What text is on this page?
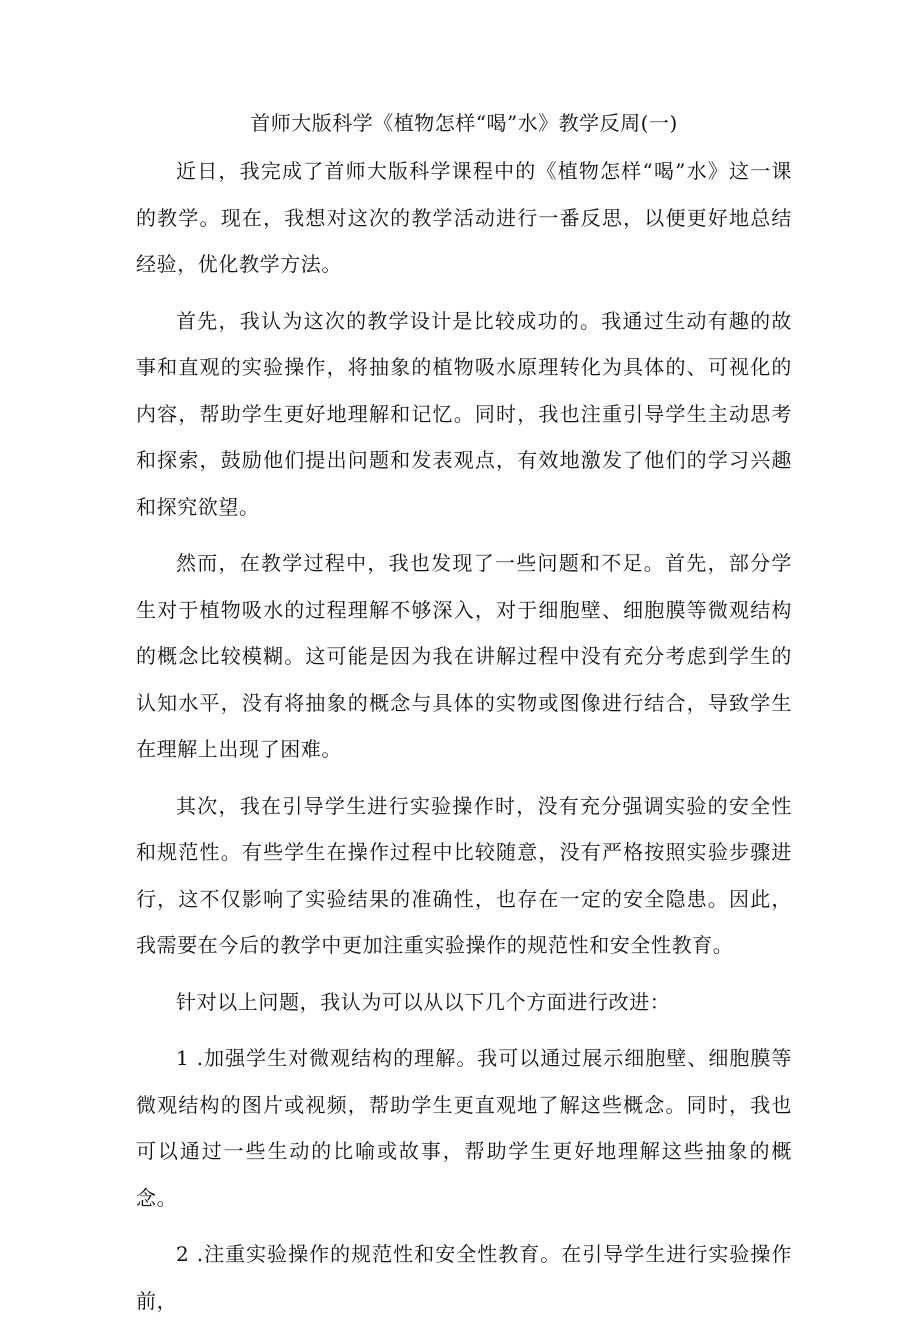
首师大版科学《植物怎样“喝”水》教学反周(一)
近日，我完成了首师大版科学课程中的《植物怎样“喝”水》这一课的教学。现在，我想对这次的教学活动进行一番反思，以便更好地总结经验，优化教学方法。
首先，我认为这次的教学设计是比较成功的。我通过生动有趣的故事和直观的实验操作，将抽象的植物吸水原理转化为具体的、可视化的内容，帮助学生更好地理解和记忆。同时，我也注重引导学生主动思考和探索，鼓励他们提出问题和发表观点，有效地激发了他们的学习兴趣和探究欲望。
然而，在教学过程中，我也发现了一些问题和不足。首先，部分学生对于植物吸水的过程理解不够深入，对于细胞壁、细胞膜等微观结构的概念比较模糊。这可能是因为我在讲解过程中没有充分考虑到学生的认知水平，没有将抽象的概念与具体的实物或图像进行结合，导致学生在理解上出现了困难。
其次，我在引导学生进行实验操作时，没有充分强调实验的安全性和规范性。有些学生在操作过程中比较随意，没有严格按照实验步骤进行，这不仅影响了实验结果的准确性，也存在一定的安全隐患。因此，我需要在今后的教学中更加注重实验操作的规范性和安全性教育。
针对以上问题，我认为可以从以下几个方面进行改进：
1 .加强学生对微观结构的理解。我可以通过展示细胞壁、细胞膜等微观结构的图片或视频，帮助学生更直观地了解这些概念。同时，我也可以通过一些生动的比喻或故事，帮助学生更好地理解这些抽象的概念。
2 .注重实验操作的规范性和安全性教育。在引导学生进行实验操作前，
